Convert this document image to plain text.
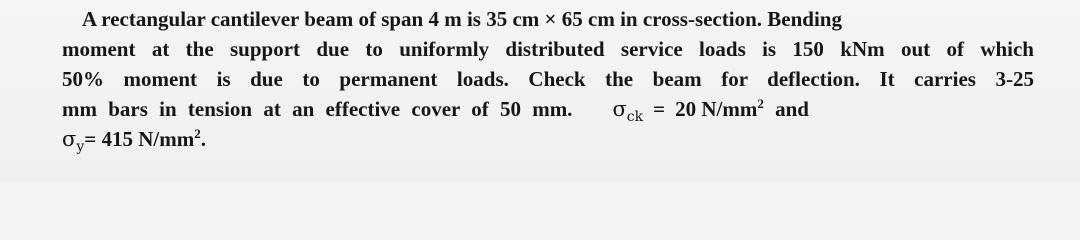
A rectangular cantilever beam of span 4 m is 35 cm × 65 cm in cross-section. Bending
moment at the support due to uniformly distributed service loads is 150 kNm out of which
50% moment is due to permanent loads. Check the beam for deflection. It carries 3-25
mm bars in tension at an effective cover of 50 mm. $\sigma_{ck} = 20$ $N/mm^2$ and
$\sigma_y= 415$ $N/mm^2$.
